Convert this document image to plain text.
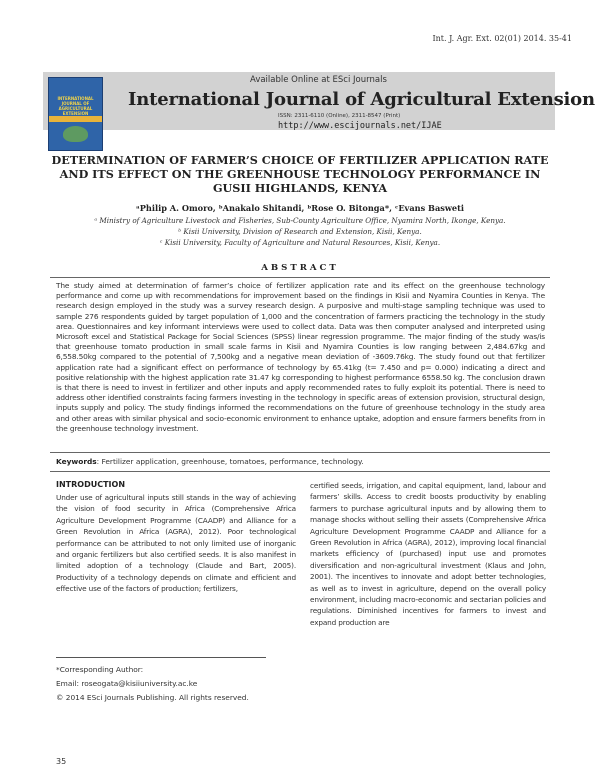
Int. J. Agr. Ext. 02(01) 2014. 35-41
INTERNATIONAL JOURNAL OF AGRICULTURAL EXTENSION
Available Online at ESci Journals
International Journal of Agricultural Extension
ISSN: 2311-6110 (Online), 2311-8547 (Print)
http://www.escijournals.net/IJAE
DETERMINATION OF FARMER’S CHOICE OF FERTILIZER APPLICATION RATE AND ITS EFFECT ON THE GREENHOUSE TECHNOLOGY PERFORMANCE IN GUSII HIGHLANDS, KENYA
ᵃPhilip A. Omoro, ᵇAnakalo Shitandi, ᵇRose O. Bitonga*, ᶜEvans Basweti
ᵃ Ministry of Agriculture Livestock and Fisheries, Sub-County Agriculture Office, Nyamira North, Ikonge, Kenya.
ᵇ Kisii University, Division of Research and Extension, Kisii, Kenya.
ᶜ Kisii University, Faculty of Agriculture and Natural Resources, Kisii, Kenya.
ABSTRACT
The study aimed at determination of farmer’s choice of fertilizer application rate and its effect on the greenhouse technology performance and come up with recommendations for improvement based on the findings in Kisii and Nyamira Counties in Kenya. The research design employed in the study was a survey research design. A purposive and multi-stage sampling technique was used to sample 276 respondents guided by target population of 1,000 and the concentration of farmers practicing the technology in the study area. Questionnaires and key informant interviews were used to collect data. Data was then computer analysed and interpreted using Microsoft excel and Statistical Package for Social Sciences (SPSS) linear regression programme. The major finding of the study was/is that greenhouse tomato production in small scale farms in Kisii and Nyamira Counties is low ranging between 2,484.67kg and 6,558.50kg compared to the potential of 7,500kg and a negative mean deviation of -3609.76kg. The study found out that fertilizer application rate had a significant effect on performance of technology by 65.41kg (t= 7.450 and p= 0.000) indicating a direct and positive relationship with the highest application rate 31.47 kg corresponding to highest performance 6558.50 kg. The conclusion drawn is that there is need to invest in fertilizer and other inputs and apply recommended rates to fully exploit its potential. There is need to address other identified constraints facing farmers investing in the technology in specific areas of extension provision, structural design, inputs supply and policy. The study findings informed the recommendations on the future of greenhouse technology in the study area and other areas with similar physical and socio-economic environment to enhance uptake, adoption and ensure farmers benefits from in the greenhouse technology investment.
Keywords: Fertilizer application, greenhouse, tomatoes, performance, technology.
INTRODUCTION
Under use of agricultural inputs still stands in the way of achieving the vision of food security in Africa (Comprehensive Africa Agriculture Development Programme (CAADP) and Alliance for a Green Revolution in Africa (AGRA), 2012). Poor technological performance can be attributed to not only limited use of inorganic and organic fertilizers but also certified seeds. It is also manifest in limited adoption of a technology (Claude and Bart, 2005). Productivity of a technology depends on climate and efficient and effective use of the factors of production; fertilizers,
certified seeds, irrigation, and capital equipment, land, labour and farmers’ skills. Access to credit boosts productivity by enabling farmers to purchase agricultural inputs and by allowing them to manage shocks without selling their assets (Comprehensive Africa Agriculture Development Programme CAADP and Alliance for a Green Revolution in Africa (AGRA), 2012), improving local financial markets efficiency of (purchased) input use and promotes diversification and non-agricultural investment (Klaus and John, 2001). The incentives to innovate and adopt better technologies, as well as to invest in agriculture, depend on the overall policy environment, including macro-economic and sectarian policies and regulations. Diminished incentives for farmers to invest and expand production are
*Corresponding Author:
Email: roseogata@kisiiuniversity.ac.ke
© 2014 ESci Journals Publishing. All rights reserved.
35
